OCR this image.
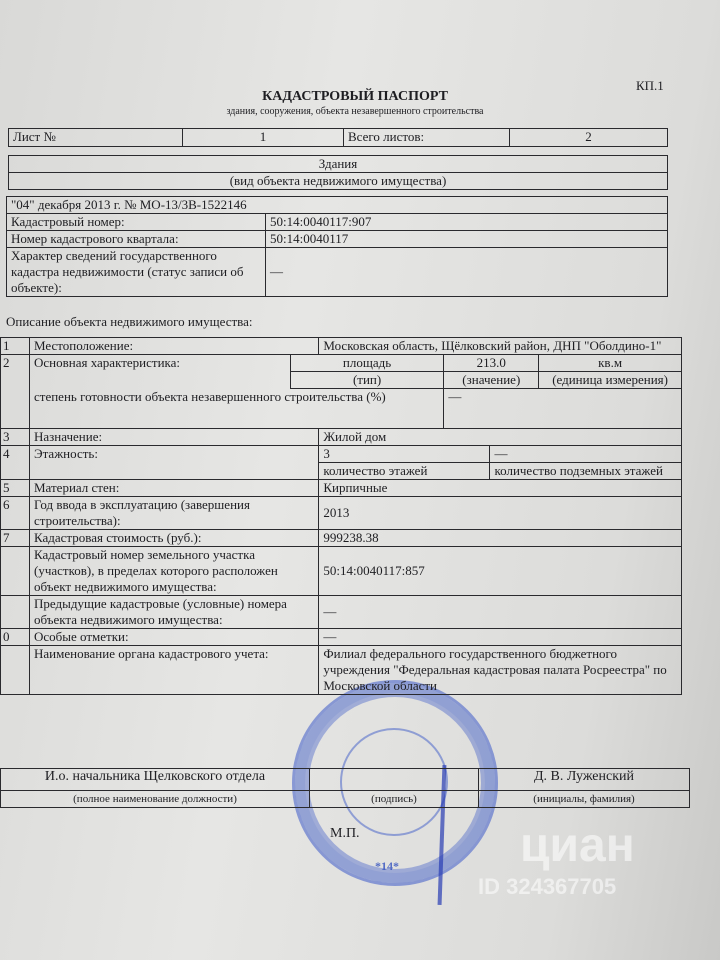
КП.1
КАДАСТРОВЫЙ ПАСПОРТ
здания, сооружения, объекта незавершенного строительства
Лист №	1	Всего листов:	2
Здания
(вид объекта недвижимого имущества)
"04" декабря 2013 г. № МО-13/3В-1522146	
Кадастровый номер:	50:14:0040117:907
Номер кадастрового квартала:	50:14:0040117
Характер сведений государственного кадастра недвижимости (статус записи об объекте):	—
Описание объекта недвижимого имущества:
1	Местоположение:		Московская область, Щёлковский район, ДНП "Оболдино-1"			
2	Основная характеристика:	площадь		213.0		кв.м
		(тип)		(значение)		(единица измерения)
	степень готовности объекта незавершенного строительства (%)			—		
3	Назначение:		Жилой дом			
4	Этажность:		3		—	
			количество этажей		количество подземных этажей	
5	Материал стен:		Кирпичные			
6	Год ввода в эксплуатацию (завершения строительства):		2013			
7	Кадастровая стоимость (руб.):		999238.38			
	Кадастровый номер земельного участка (участков), в пределах которого расположен объект недвижимого имущества:		50:14:0040117:857			
	Предыдущие кадастровые (условные) номера объекта недвижимого имущества:		—			
0	Особые отметки:		—			
	Наименование органа кадастрового учета:		Филиал федерального государственного бюджетного учреждения "Федеральная кадастровая палата Росреестра" по Московской области			
И.о. начальника Щелковского отдела		Д. В. Луженский
(полное наименование должности)	(подпись)	(инициалы, фамилия)
М.П.
*14*	циан
ID 324367705
